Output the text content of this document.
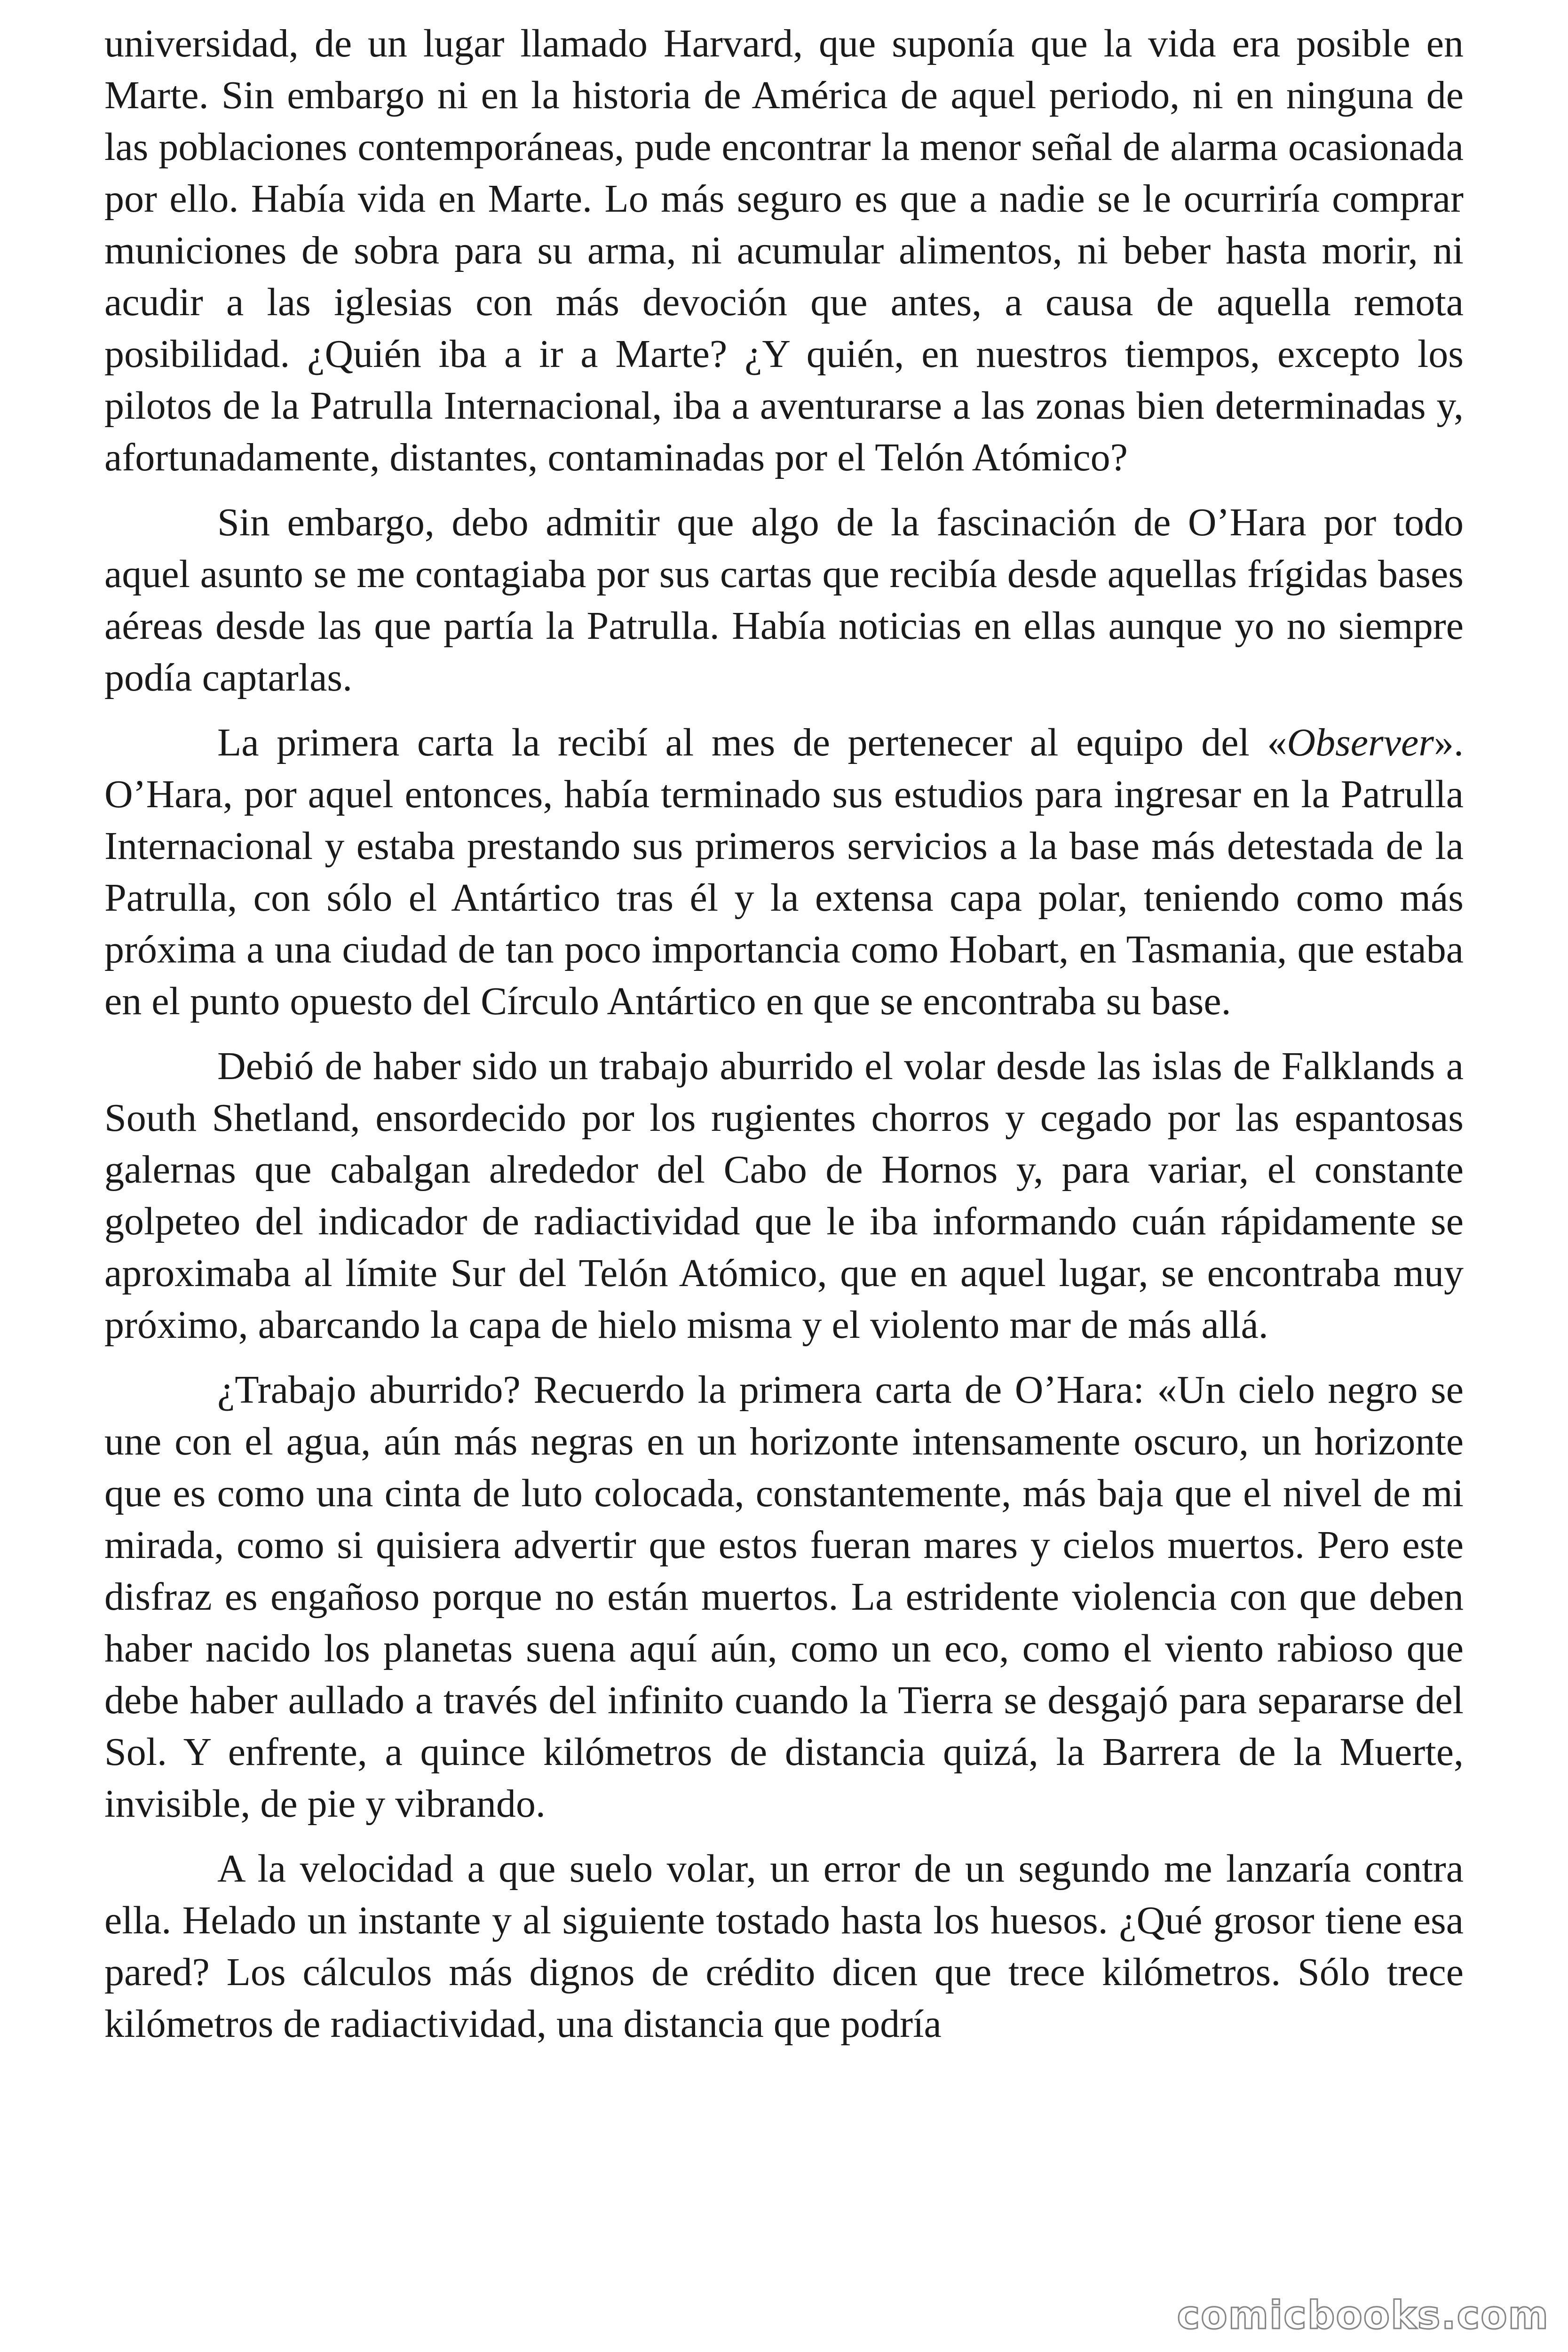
universidad, de un lugar llamado Harvard, que suponía que la vida era posible en Marte. Sin embargo ni en la historia de América de aquel periodo, ni en ninguna de las poblaciones contemporáneas, pude encontrar la menor señal de alarma ocasionada por ello. Había vida en Marte. Lo más seguro es que a nadie se le ocurriría comprar municiones de sobra para su arma, ni acumular alimentos, ni beber hasta morir, ni acudir a las iglesias con más devoción que antes, a causa de aquella remota posibilidad. ¿Quién iba a ir a Marte? ¿Y quién, en nuestros tiempos, excepto los pilotos de la Patrulla Internacional, iba a aventurarse a las zonas bien determinadas y, afortunadamente, distantes, contaminadas por el Telón Atómico?

Sin embargo, debo admitir que algo de la fascinación de O’Hara por todo aquel asunto se me contagiaba por sus cartas que recibía desde aquellas frígidas bases aéreas desde las que partía la Patrulla. Había noticias en ellas aunque yo no siempre podía captarlas.

La primera carta la recibí al mes de pertenecer al equipo del «Observer». O’Hara, por aquel entonces, había terminado sus estudios para ingresar en la Patrulla Internacional y estaba prestando sus primeros servicios a la base más detestada de la Patrulla, con sólo el Antártico tras él y la extensa capa polar, teniendo como más próxima a una ciudad de tan poco importancia como Hobart, en Tasmania, que estaba en el punto opuesto del Círculo Antártico en que se encontraba su base.

Debió de haber sido un trabajo aburrido el volar desde las islas de Falklands a South Shetland, ensordecido por los rugientes chorros y cegado por las espantosas galernas que cabalgan alrededor del Cabo de Hornos y, para variar, el constante golpeteo del indicador de radiactividad que le iba informando cuán rápidamente se aproximaba al límite Sur del Telón Atómico, que en aquel lugar, se encontraba muy próximo, abarcando la capa de hielo misma y el violento mar de más allá.

¿Trabajo aburrido? Recuerdo la primera carta de O’Hara: «Un cielo negro se une con el agua, aún más negras en un horizonte intensamente oscuro, un horizonte que es como una cinta de luto colocada, constantemente, más baja que el nivel de mi mirada, como si quisiera advertir que estos fueran mares y cielos muertos. Pero este disfraz es engañoso porque no están muertos. La estridente violencia con que deben haber nacido los planetas suena aquí aún, como un eco, como el viento rabioso que debe haber aullado a través del infinito cuando la Tierra se desgajó para separarse del Sol. Y enfrente, a quince kilómetros de distancia quizá, la Barrera de la Muerte, invisible, de pie y vibrando.

A la velocidad a que suelo volar, un error de un segundo me lanzaría contra ella. Helado un instante y al siguiente tostado hasta los huesos. ¿Qué grosor tiene esa pared? Los cálculos más dignos de crédito dicen que trece kilómetros. Sólo trece kilómetros de radiactividad, una distancia que podría

comicbooks.com
